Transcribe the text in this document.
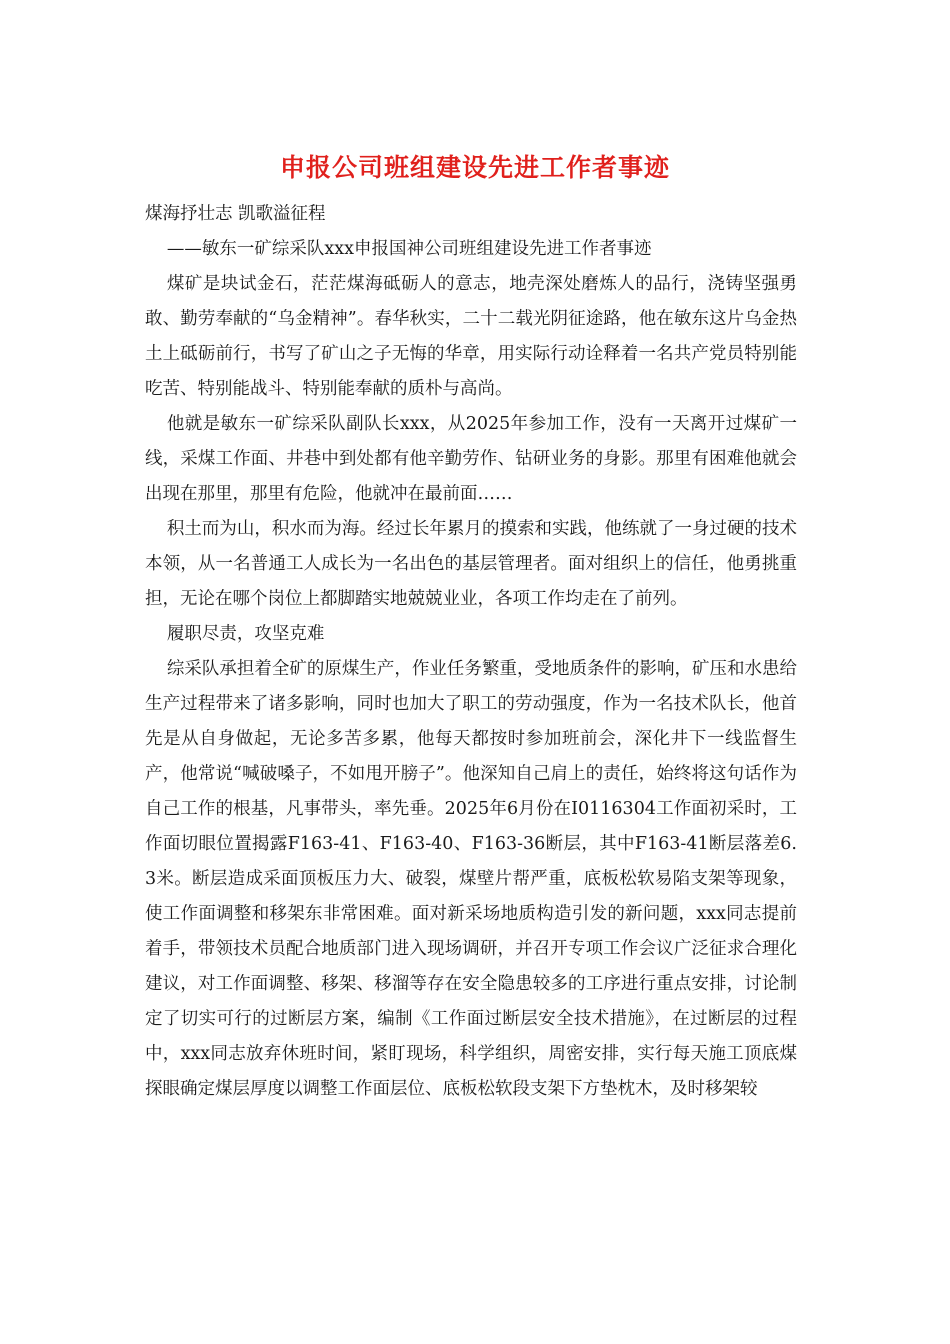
申报公司班组建设先进工作者事迹

煤海抒壮志 凯歌溢征程

——敏东一矿综采队xxx申报国神公司班组建设先进工作者事迹

煤矿是块试金石，茫茫煤海砥砺人的意志，地壳深处磨炼人的品行，浇铸坚强勇敢、勤劳奉献的“乌金精神”。春华秋实，二十二载光阴征途路，他在敏东这片乌金热土上砥砺前行，书写了矿山之子无悔的华章，用实际行动诠释着一名共产党员特别能吃苦、特别能战斗、特别能奉献的质朴与高尚。

他就是敏东一矿综采队副队长xxx，从2025年参加工作，没有一天离开过煤矿一线，采煤工作面、井巷中到处都有他辛勤劳作、钻研业务的身影。那里有困难他就会出现在那里，那里有危险，他就冲在最前面……

积土而为山，积水而为海。经过长年累月的摸索和实践，他练就了一身过硬的技术本领，从一名普通工人成长为一名出色的基层管理者。面对组织上的信任，他勇挑重担，无论在哪个岗位上都脚踏实地兢兢业业，各项工作均走在了前列。

履职尽责，攻坚克难

综采队承担着全矿的原煤生产，作业任务繁重，受地质条件的影响，矿压和水患给生产过程带来了诸多影响，同时也加大了职工的劳动强度，作为一名技术队长，他首先是从自身做起，无论多苦多累，他每天都按时参加班前会，深化井下一线监督生产，他常说“喊破嗓子，不如甩开膀子”。他深知自己肩上的责任，始终将这句话作为自己工作的根基，凡事带头，率先垂。2025年6月份在I0116304工作面初采时，工作面切眼位置揭露F163-41、F163-40、F163-36断层，其中F163-41断层落差6.3米。断层造成采面顶板压力大、破裂，煤壁片帮严重，底板松软易陷支架等现象，使工作面调整和移架东非常困难。面对新采场地质构造引发的新问题，xxx同志提前着手，带领技术员配合地质部门进入现场调研，并召开专项工作会议广泛征求合理化建议，对工作面调整、移架、移溜等存在安全隐患较多的工序进行重点安排，讨论制定了切实可行的过断层方案，编制《工作面过断层安全技术措施》，在过断层的过程中，xxx同志放弃休班时间，紧盯现场，科学组织，周密安排，实行每天施工顶底煤探眼确定煤层厚度以调整工作面层位、底板松软段支架下方垫枕木，及时移架较
